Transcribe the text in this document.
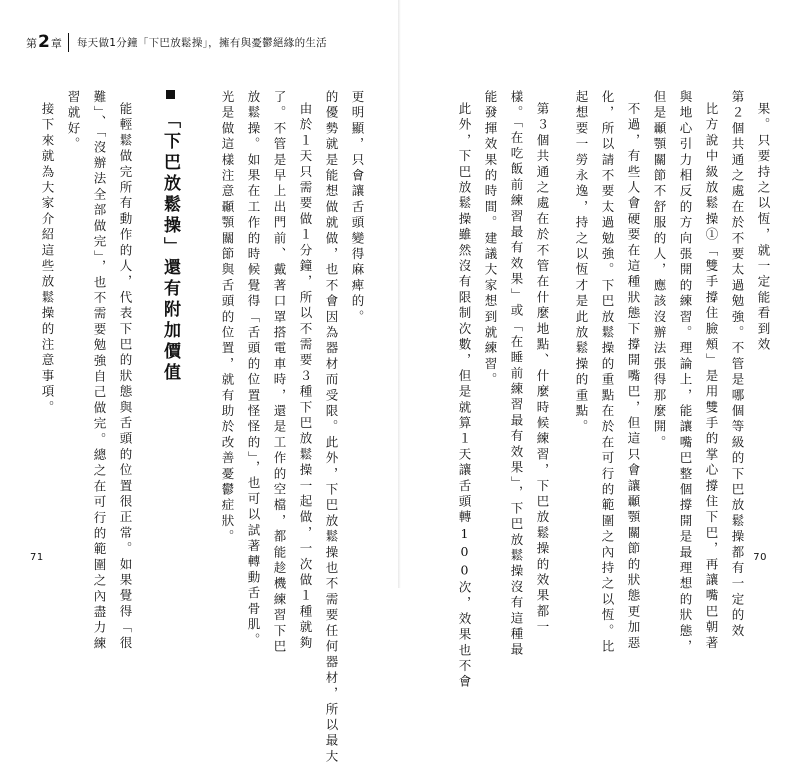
第 2 章 每天做1分鐘「下巴放鬆操」，擁有與憂鬱絕緣的生活
果。只要持之以恆，就一定能看到效
第２個共通之處在於不要太過勉強。不管是哪個等級的下巴放鬆操都有一定的效
比方說中級放鬆操①「雙手撐住臉頰」是用雙手的掌心撐住下巴，再讓嘴巴朝著
與地心引力相反的方向張開的練習。理論上，能讓嘴巴整個撐開是最理想的狀態，
但是顳顎關節不舒服的人，應該沒辦法張得那麼開。
不過，有些人會硬要在這種狀態下撐開嘴巴，但這只會讓顳顎關節的狀態更加惡
化，所以請不要太過勉強。下巴放鬆操的重點在於在可行的範圍之內持之以恆。比
起想要一勞永逸，持之以恆才是此放鬆操的重點。
第３個共通之處在於不管在什麼地點、什麼時候練習，下巴放鬆操的效果都一
樣。「在吃飯前練習最有效果」或「在睡前練習最有效果」，下巴放鬆操沒有這種最
能發揮效果的時間。建議大家想到就練習。
此外，下巴放鬆操雖然沒有限制次數，但是就算１天讓舌頭轉100次，效果也不會
更明顯，只會讓舌頭變得麻痺的。
的優勢就是能想做就做，也不會因為器材而受限。此外，下巴放鬆操也不需要任何器材，所以最大
由於１天只需要做１分鐘，所以不需要３種下巴放鬆操一起做，一次做１種就夠
了。不管是早上出門前、戴著口罩搭電車時，還是工作的空檔，都能趁機練習下巴
放鬆操。如果在工作的時候覺得「舌頭的位置怪怪的」，也可以試著轉動舌骨肌。
光是做這樣注意顳顎關節與舌頭的位置，就有助於改善憂鬱症狀。
「下巴放鬆操」還有附加價值
能輕鬆做完所有動作的人，代表下巴的狀態與舌頭的位置很正常。如果覺得「很
難」、「沒辦法全部做完」，也不需要勉強自己做完。總之在可行的範圍之內盡力練
習就好。
接下來就為大家介紹這些放鬆操的注意事項。
71	70
